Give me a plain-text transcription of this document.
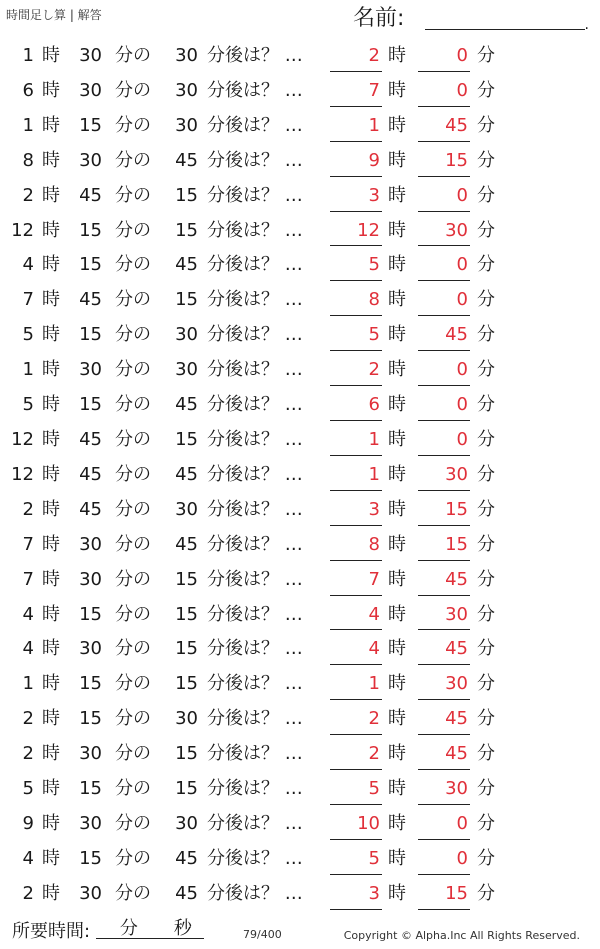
時間足し算 | 解答	名前:	.
1 時 30 分の 30 分後は？ …	2 時	0 分
6 時 30 分の 30 分後は？ …	7 時	0 分
1 時 15 分の 30 分後は？ …	1 時 45 分
8 時 30 分の 45 分後は？ …	9 時 15 分
2 時 45 分の 15 分後は？ …	3 時	0 分
12 時 15 分の 15 分後は？ …	12 時 30 分
4 時 15 分の 45 分後は？ …	5 時	0 分
7 時 45 分の 15 分後は？ …	8 時	0 分
5 時 15 分の 30 分後は？ …	5 時 45 分
1 時 30 分の 30 分後は？ …	2 時	0 分
5 時 15 分の 45 分後は？ …	6 時	0 分
12 時 45 分の 15 分後は？ …	1 時	0 分
12 時 45 分の 45 分後は？ …	1 時 30 分
2 時 45 分の 30 分後は？ …	3 時 15 分
7 時 30 分の 45 分後は？ …	8 時 15 分
7 時 30 分の 15 分後は？ …	7 時 45 分
4 時 15 分の 15 分後は？ …	4 時 30 分
4 時 30 分の 15 分後は？ …	4 時 45 分
1 時 15 分の 15 分後は？ …	1 時 30 分
2 時 15 分の 30 分後は？ …	2 時 45 分
2 時 30 分の 15 分後は？ …	2 時 45 分
5 時 15 分の 15 分後は？ …	5 時 30 分
9 時 30 分の 30 分後は？ …	10 時	0 分
4 時 15 分の 45 分後は？ …	5 時	0 分
2 時 30 分の 45 分後は？ …	3 時 15 分
所要時間: 分 秒	79/400	Copyright © Alpha.Inc All Rights Reserved.
